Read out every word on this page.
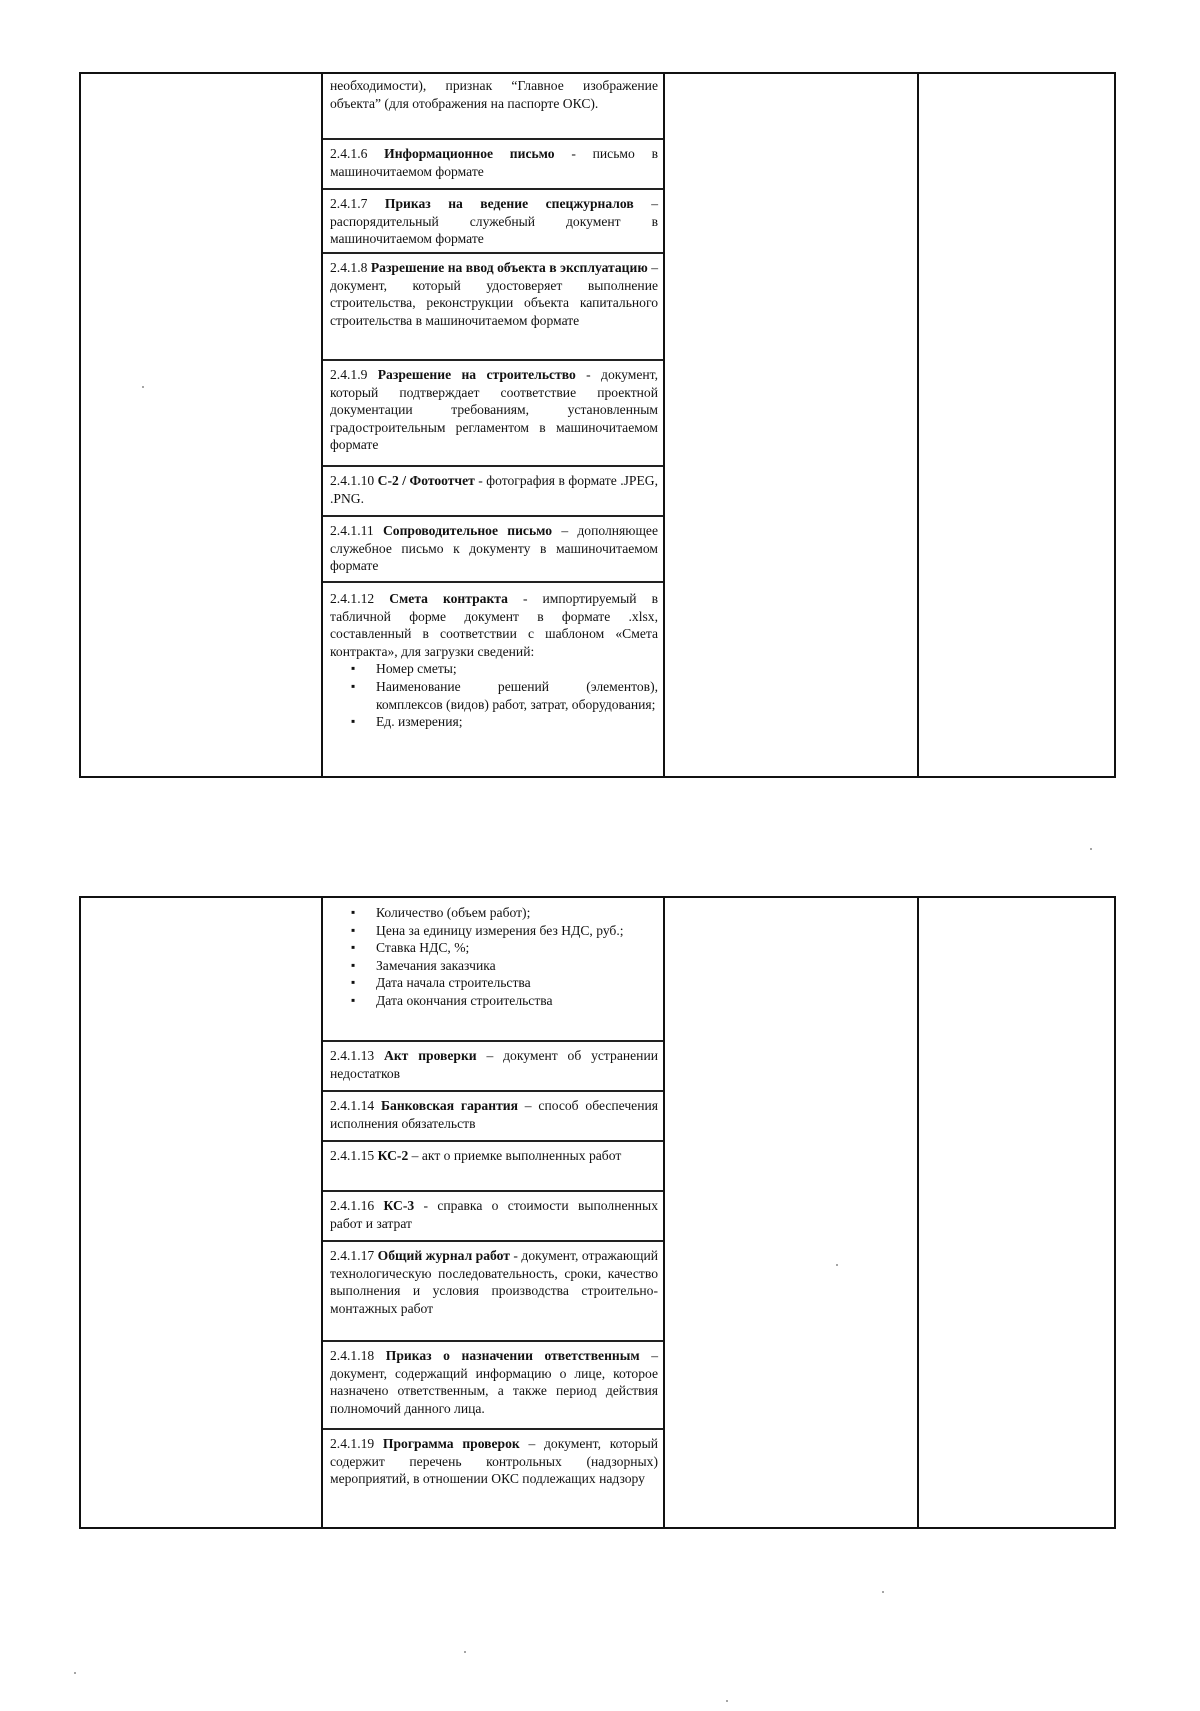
необходимости), признак “Главное изображение объекта” (для отображения на паспорте ОКС).
2.4.1.6 Информационное письмо - письмо в машиночитаемом формате
2.4.1.7 Приказ на ведение спецжурналов – распорядительный служебный документ в машиночитаемом формате
2.4.1.8 Разрешение на ввод объекта в эксплуатацию – документ, который удостоверяет выполнение строительства, реконструкции объекта капитального строительства в машиночитаемом формате
2.4.1.9 Разрешение на строительство - документ, который подтверждает соответствие проектной документации требованиям, установленным градостроительным регламентом в машиночитаемом формате
2.4.1.10 С-2 / Фотоотчет - фотография в формате .JPEG, .PNG.
2.4.1.11 Сопроводительное письмо – дополняющее служебное письмо к документу в машиночитаемом формате
2.4.1.12 Смета контракта - импортируемый в табличной форме документ в формате .xlsx, составленный в соответствии с шаблоном «Смета контракта», для загрузки сведений:
▪ Номер сметы;
▪ Наименование решений (элементов), комплексов (видов) работ, затрат, оборудования;
▪ Ед. измерения;
▪ Количество (объем работ);
▪ Цена за единицу измерения без НДС, руб.;
▪ Ставка НДС, %;
▪ Замечания заказчика
▪ Дата начала строительства
▪ Дата окончания строительства
2.4.1.13 Акт проверки – документ об устранении недостатков
2.4.1.14 Банковская гарантия – способ обеспечения исполнения обязательств
2.4.1.15 КС-2 – акт о приемке выполненных работ
2.4.1.16 КС-3 - справка о стоимости выполненных работ и затрат
2.4.1.17 Общий журнал работ - документ, отражающий технологическую последовательность, сроки, качество выполнения и условия производства строительно-монтажных работ
2.4.1.18 Приказ о назначении ответственным – документ, содержащий информацию о лице, которое назначено ответственным, а также период действия полномочий данного лица.
2.4.1.19 Программа проверок – документ, который содержит перечень контрольных (надзорных) мероприятий, в отношении ОКС подлежащих надзору
